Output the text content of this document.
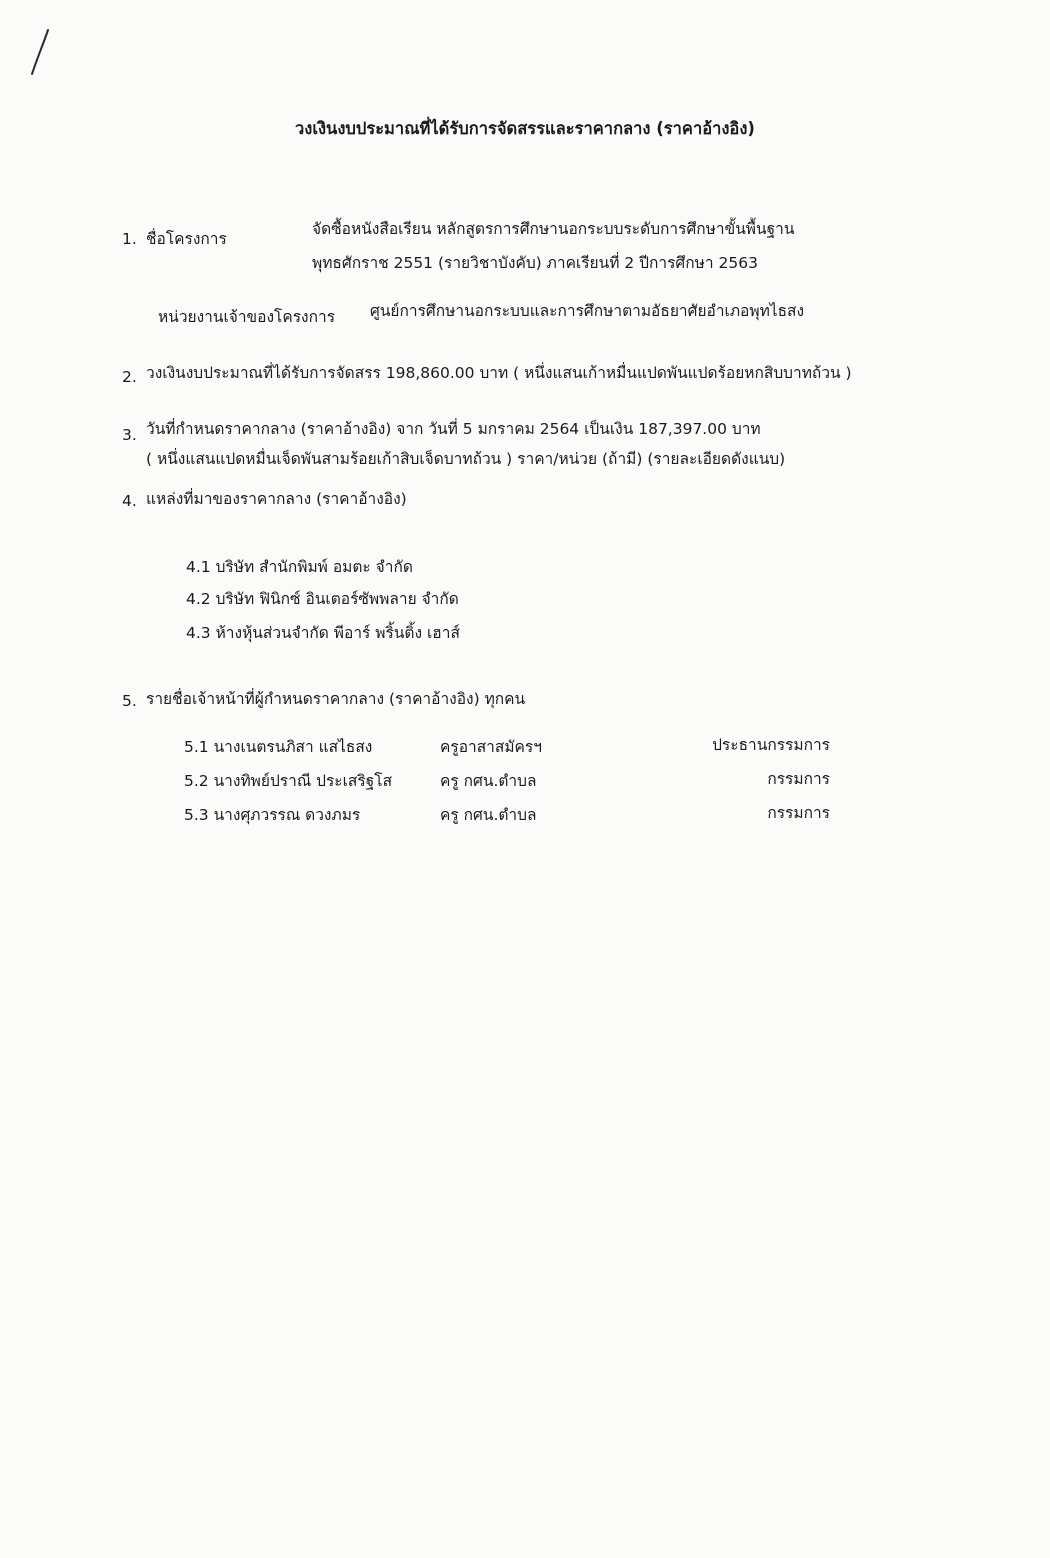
วงเงินงบประมาณที่ได้รับการจัดสรรและราคากลาง (ราคาอ้างอิง)
1. ชื่อโครงการ
จัดซื้อหนังสือเรียน หลักสูตรการศึกษานอกระบบระดับการศึกษาขั้นพื้นฐาน
พุทธศักราช 2551 (รายวิชาบังคับ) ภาคเรียนที่ 2 ปีการศึกษา 2563
หน่วยงานเจ้าของโครงการ ศูนย์การศึกษานอกระบบและการศึกษาตามอัธยาศัยอำเภอพุทไธสง
2. วงเงินงบประมาณที่ได้รับการจัดสรร 198,860.00 บาท ( หนึ่งแสนเก้าหมื่นแปดพันแปดร้อยหกสิบบาทถ้วน )
3. วันที่กำหนดราคากลาง (ราคาอ้างอิง) จาก วันที่ 5 มกราคม 2564 เป็นเงิน 187,397.00 บาท
( หนึ่งแสนแปดหมื่นเจ็ดพันสามร้อยเก้าสิบเจ็ดบาทถ้วน ) ราคา/หน่วย (ถ้ามี) (รายละเอียดดังแนบ)
4. แหล่งที่มาของราคากลาง (ราคาอ้างอิง)
4.1 บริษัท สำนักพิมพ์ อมตะ จำกัด
4.2 บริษัท ฟินิกซ์ อินเตอร์ซัพพลาย จำกัด
4.3 ห้างหุ้นส่วนจำกัด พีอาร์ พริ้นติ้ง เฮาส์
5. รายชื่อเจ้าหน้าที่ผู้กำหนดราคากลาง (ราคาอ้างอิง) ทุกคน
5.1 นางเนตรนภิสา แสไธสง	ครูอาสาสมัครฯ	ประธานกรรมการ
5.2 นางทิพย์ปราณี ประเสริฐโส	ครู กศน.ตำบล	กรรมการ
5.3 นางศุภวรรณ ดวงภมร	ครู กศน.ตำบล	กรรมการ
